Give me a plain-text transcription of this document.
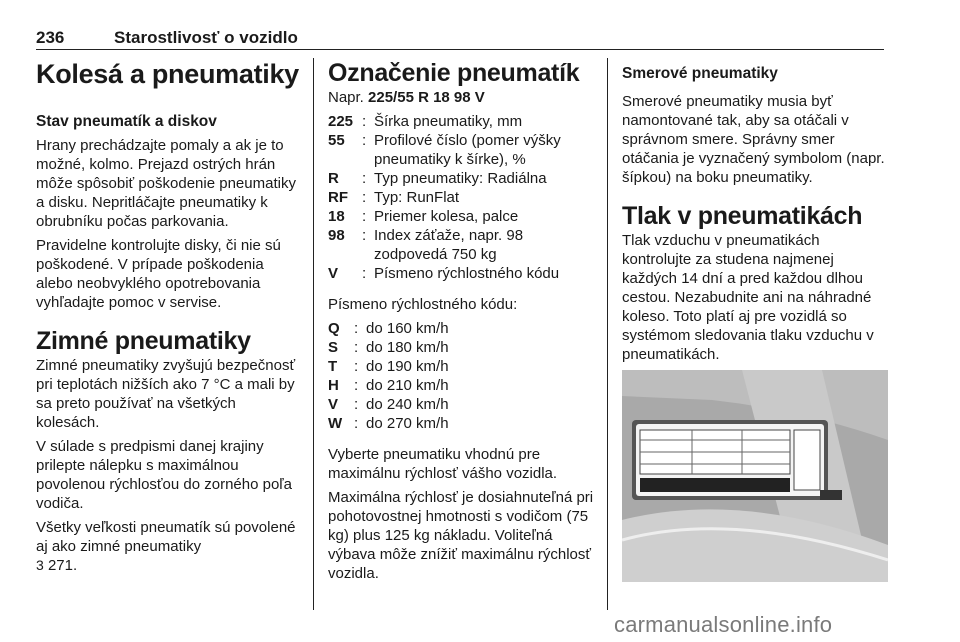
236	Starostlivosť o vozidlo
Kolesá a pneumatiky
Stav pneumatík a diskov

Hrany prechádzajte pomaly a ak je to možné, kolmo. Prejazd ostrých hrán môže spôsobiť poškodenie pneumatiky a disku. Nepritláčajte pneumatiky k obrubníku počas parkovania.

Pravidelne kontrolujte disky, či nie sú poškodené. V prípade poškodenia alebo neobvyklého opotrebovania vyhľadajte pomoc v servise.

Zimné pneumatiky

Zimné pneumatiky zvyšujú bezpečnosť pri teplotách nižších ako 7 °C a mali by sa preto používať na všetkých kolesách.

V súlade s predpismi danej krajiny prilepte nálepku s maximálnou povolenou rýchlosťou do zorného poľa vodiča.

Všetky veľkosti pneumatík sú povolené aj ako zimné pneumatiky
3 271.

Označenie pneumatík

Napr. 225/55 R 18 98 V

225 : Šírka pneumatiky, mm
55	: Profilové číslo (pomer výšky pneumatiky k šírke), %
R	: Typ pneumatiky: Radiálna
RF : Typ: RunFlat
18	: Priemer kolesa, palce
98	: Index záťaže, napr. 98 zodpovedá 750 kg
V	: Písmeno rýchlostného kódu

Písmeno rýchlostného kódu:

Q : do 160 km/h
S	: do 180 km/h
T	: do 190 km/h
H	: do 210 km/h
V	: do 240 km/h
W : do 270 km/h

Vyberte pneumatiku vhodnú pre maximálnu rýchlosť vášho vozidla.

Maximálna rýchlosť je dosiahnuteľná pri pohotovostnej hmotnosti s vodičom (75 kg) plus 125 kg nákladu. Voliteľná výbava môže znížiť maximálnu rýchlosť vozidla.

Smerové pneumatiky

Smerové pneumatiky musia byť namontované tak, aby sa otáčali v správnom smere. Správny smer otáčania je vyznačený symbolom (napr. šípkou) na boku pneumatiky.

Tlak v pneumatikách

Tlak vzduchu v pneumatikách kontrolujte za studena najmenej každých 14 dní a pred každou dlhou cestou. Nezabudnite ani na náhradné koleso. Toto platí aj pre vozidlá so systémom sledovania tlaku vzduchu v pneumatikách.

carmanualsonline.info
